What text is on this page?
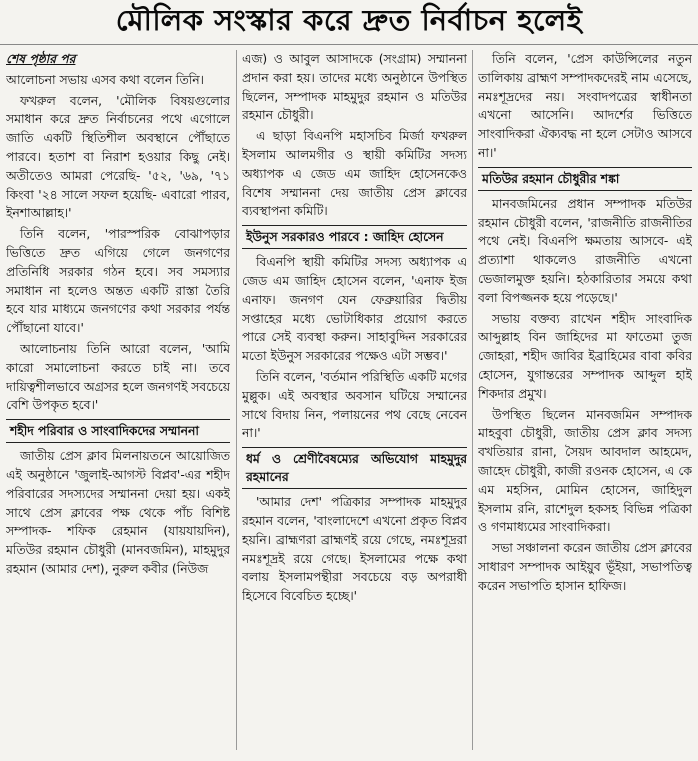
মৌলিক সংস্কার করে দ্রুত নির্বাচন হলেই
শেষ পৃষ্ঠার পর

আলোচনা সভায় এসব কথা বলেন তিনি।

ফখরুল বলেন, 'মৌলিক বিষয়গুলোর সমাধান করে দ্রুত নির্বাচনের পথে এগোলে জাতি একটি স্থিতিশীল অবস্থানে পৌঁছাতে পারবে। হতাশ বা নিরাশ হওয়ার কিছু নেই। অতীতেও আমরা পেরেছি- '৫২, '৬৯, '৭১ কিংবা '২৪ সালে সফল হয়েছি- এবারো পারব, ইনশাআল্লাহ।'

তিনি বলেন, 'পারস্পরিক বোঝাপড়ার ভিত্তিতে দ্রুত এগিয়ে গেলে জনগণের প্রতিনিধি সরকার গঠন হবে। সব সমস্যার সমাধান না হলেও অন্তত একটি রাস্তা তৈরি হবে যার মাধ্যমে জনগণের কথা সরকার পর্যন্ত পৌঁছানো যাবে।'

আলোচনায় তিনি আরো বলেন, 'আমি কারো সমালোচনা করতে চাই না। তবে দায়িত্বশীলভাবে অগ্রসর হলে জনগণই সবচেয়ে বেশি উপকৃত হবে।'

শহীদ পরিবার ও সাংবাদিকদের সম্মাননা

জাতীয় প্রেস ক্লাব মিলনায়তনে আয়োজিত এই অনুষ্ঠানে 'জুলাই-আগস্ট বিপ্লব'-এর শহীদ পরিবারের সদস্যদের সম্মাননা দেয়া হয়। একই সাথে প্রেস ক্লাবের পক্ষ থেকে পাঁচ বিশিষ্ট সম্পাদক- শফিক রেহমান (যায়যায়দিন), মতিউর রহমান চৌধুরী (মানবজমিন), মাহমুদুর রহমান (আমার দেশ), নুরুল কবীর (নিউজ

এজ) ও আবুল আসাদকে (সংগ্রাম) সম্মাননা প্রদান করা হয়। তাদের মধ্যে অনুষ্ঠানে উপস্থিত ছিলেন, সম্পাদক মাহমুদুর রহমান ও মতিউর রহমান চৌধুরী।

এ ছাড়া বিএনপি মহাসচিব মির্জা ফখরুল ইসলাম আলমগীর ও স্থায়ী কমিটির সদস্য অধ্যাপক এ জেড এম জাহিদ হোসেনকেও বিশেষ সম্মাননা দেয় জাতীয় প্রেস ক্লাবের ব্যবস্থাপনা কমিটি।

ইউনুস সরকারও পারবে : জাহিদ হোসেন

বিএনপি স্থায়ী কমিটির সদস্য অধ্যাপক এ জেড এম জাহিদ হোসেন বলেন, 'এনাফ ইজ এনাফ। জনগণ যেন ফেব্রুয়ারির দ্বিতীয় সপ্তাহের মধ্যে ভোটাধিকার প্রয়োগ করতে পারে সেই ব্যবস্থা করুন। সাহাবুদ্দিন সরকারের মতো ইউনুস সরকারের পক্ষেও এটা সম্ভব।'

তিনি বলেন, 'বর্তমান পরিস্থিতি একটি মগের মুল্লুক। এই অবস্থার অবসান ঘটিয়ে সম্মানের সাথে বিদায় নিন, পলায়নের পথ বেছে নেবেন না।'

ধর্ম ও শ্রেণীবৈষম্যের অভিযোগ মাহমুদুর রহমানের

'আমার দেশ' পত্রিকার সম্পাদক মাহমুদুর রহমান বলেন, 'বাংলাদেশে এখনো প্রকৃত বিপ্লব হয়নি। ব্রাহ্মণরা ব্রাহ্মণই রয়ে গেছে, নমঃশূদ্ররা নমঃশূদ্রই রয়ে গেছে। ইসলামের পক্ষে কথা বলায় ইসলামপন্থীরা সবচেয়ে বড় অপরাধী হিসেবে বিবেচিত হচ্ছে।'

তিনি বলেন, 'প্রেস কাউন্সিলের নতুন তালিকায় ব্রাহ্মণ সম্পাদকদেরই নাম এসেছে, নমঃশূদ্রদের নয়। সংবাদপত্রের স্বাধীনতা এখনো আসেনি। আদর্শের ভিত্তিতে সাংবাদিকরা ঐক্যবদ্ধ না হলে সেটাও আসবে না।'

মতিউর রহমান চৌধুরীর শঙ্কা

মানবজমিনের প্রধান সম্পাদক মতিউর রহমান চৌধুরী বলেন, 'রাজনীতি রাজনীতির পথে নেই। বিএনপি ক্ষমতায় আসবে- এই প্রত্যাশা থাকলেও রাজনীতি এখনো ভেজালমুক্ত হয়নি। হঠকারিতার সময়ে কথা বলা বিপজ্জনক হয়ে পড়েছে।'

সভায় বক্তব্য রাখেন শহীদ সাংবাদিক আব্দুল্লাহ বিন জাহিদের মা ফাতেমা তুজ জোহরা, শহীদ জাবির ইব্রাহিমের বাবা কবির হোসেন, যুগান্তরের সম্পাদক আব্দুল হাই শিকদার প্রমুখ।

উপস্থিত ছিলেন মানবজমিন সম্পাদক মাহবুবা চৌধুরী, জাতীয় প্রেস ক্লাব সদস্য বখতিয়ার রানা, সৈয়দ আবদাল আহমেদ, জাহেদ চৌধুরী, কাজী রওনক হোসেন, এ কে এম মহসিন, মোমিন হোসেন, জাহিদুল ইসলাম রনি, রাশেদুল হকসহ বিভিন্ন পত্রিকা ও গণমাধ্যমের সাংবাদিকরা।

সভা সঞ্চালনা করেন জাতীয় প্রেস ক্লাবের সাধারণ সম্পাদক আইয়ুব ভূঁইয়া, সভাপতিত্ব করেন সভাপতি হাসান হাফিজ।
